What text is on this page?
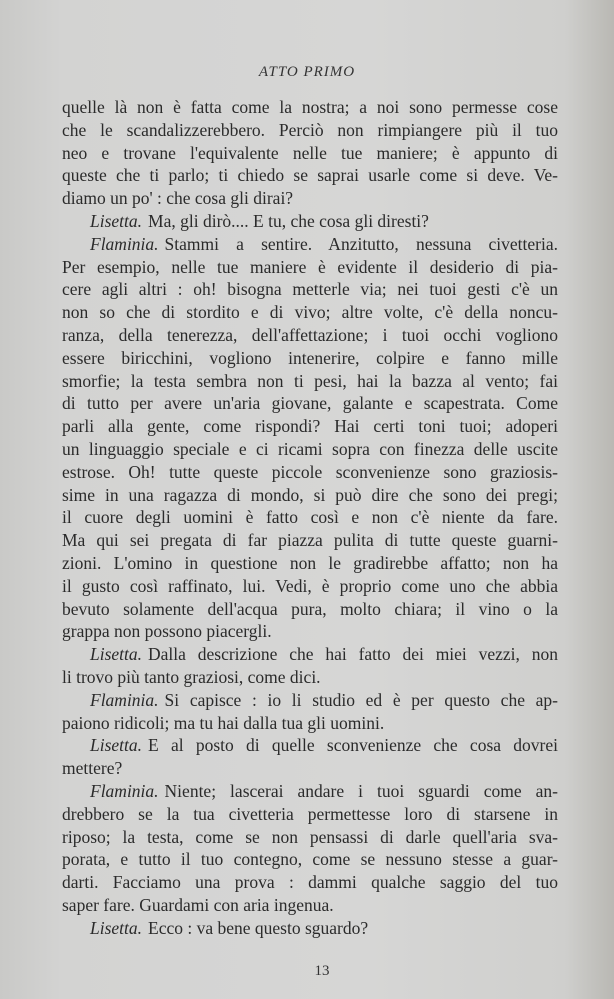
ATTO PRIMO
quelle là non è fatta come la nostra; a noi sono permesse cose
che le scandalizzerebbero. Perciò non rimpiangere più il tuo
neo e trovane l'equivalente nelle tue maniere; è appunto di
queste che ti parlo; ti chiedo se saprai usarle come si deve. Ve-
diamo un po' : che cosa gli dirai?
Lisetta. Ma, gli dirò.... E tu, che cosa gli diresti?
Flaminia. Stammi a sentire. Anzitutto, nessuna civetteria.
Per esempio, nelle tue maniere è evidente il desiderio di pia-
cere agli altri : oh! bisogna metterle via; nei tuoi gesti c'è un
non so che di stordito e di vivo; altre volte, c'è della noncu-
ranza, della tenerezza, dell'affettazione; i tuoi occhi vogliono
essere biricchini, vogliono intenerire, colpire e fanno mille
smorfie; la testa sembra non ti pesi, hai la bazza al vento; fai
di tutto per avere un'aria giovane, galante e scapestrata. Come
parli alla gente, come rispondi? Hai certi toni tuoi; adoperi
un linguaggio speciale e ci ricami sopra con finezza delle uscite
estrose. Oh! tutte queste piccole sconvenienze sono graziosis-
sime in una ragazza di mondo, si può dire che sono dei pregi;
il cuore degli uomini è fatto così e non c'è niente da fare.
Ma qui sei pregata di far piazza pulita di tutte queste guarni-
zioni. L'omino in questione non le gradirebbe affatto; non ha
il gusto così raffinato, lui. Vedi, è proprio come uno che abbia
bevuto solamente dell'acqua pura, molto chiara; il vino o la
grappa non possono piacergli.
Lisetta. Dalla descrizione che hai fatto dei miei vezzi, non
li trovo più tanto graziosi, come dici.
Flaminia. Si capisce : io li studio ed è per questo che ap-
paiono ridicoli; ma tu hai dalla tua gli uomini.
Lisetta. E al posto di quelle sconvenienze che cosa dovrei
mettere?
Flaminia. Niente; lascerai andare i tuoi sguardi come an-
drebbero se la tua civetteria permettesse loro di starsene in
riposo; la testa, come se non pensassi di darle quell'aria sva-
porata, e tutto il tuo contegno, come se nessuno stesse a guar-
darti. Facciamo una prova : dammi qualche saggio del tuo
saper fare. Guardami con aria ingenua.
Lisetta. Ecco : va bene questo sguardo?
13
